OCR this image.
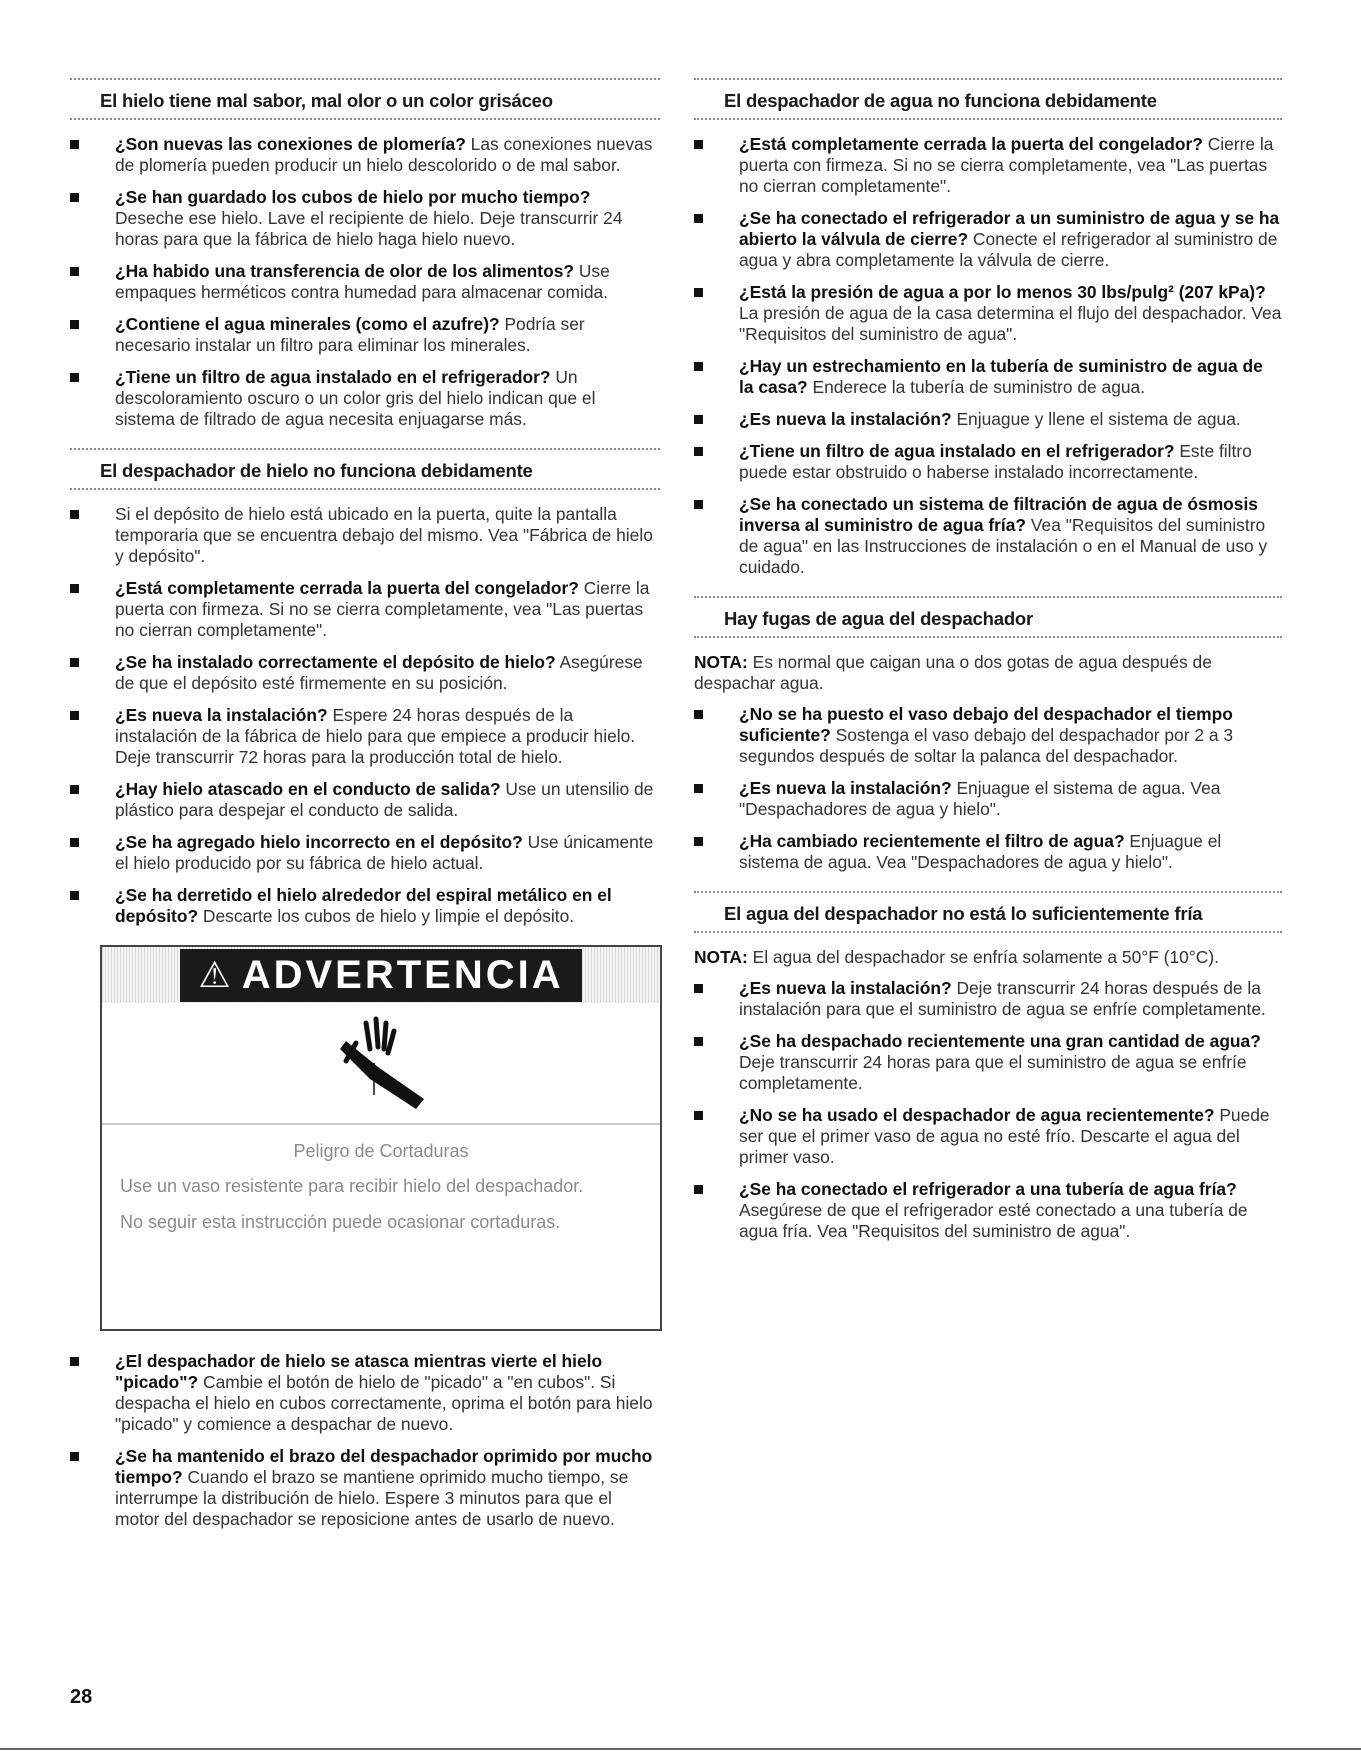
El hielo tiene mal sabor, mal olor o un color grisáceo
¿Son nuevas las conexiones de plomería? Las conexiones nuevas de plomería pueden producir un hielo descolorido o de mal sabor.
¿Se han guardado los cubos de hielo por mucho tiempo? Deseche ese hielo. Lave el recipiente de hielo. Deje transcurrir 24 horas para que la fábrica de hielo haga hielo nuevo.
¿Ha habido una transferencia de olor de los alimentos? Use empaques herméticos contra humedad para almacenar comida.
¿Contiene el agua minerales (como el azufre)? Podría ser necesario instalar un filtro para eliminar los minerales.
¿Tiene un filtro de agua instalado en el refrigerador? Un descoloramiento oscuro o un color gris del hielo indican que el sistema de filtrado de agua necesita enjuagarse más.
El despachador de hielo no funciona debidamente
Si el depósito de hielo está ubicado en la puerta, quite la pantalla temporaria que se encuentra debajo del mismo. Vea "Fábrica de hielo y depósito".
¿Está completamente cerrada la puerta del congelador? Cierre la puerta con firmeza. Si no se cierra completamente, vea "Las puertas no cierran completamente".
¿Se ha instalado correctamente el depósito de hielo? Asegúrese de que el depósito esté firmemente en su posición.
¿Es nueva la instalación? Espere 24 horas después de la instalación de la fábrica de hielo para que empiece a producir hielo. Deje transcurrir 72 horas para la producción total de hielo.
¿Hay hielo atascado en el conducto de salida? Use un utensilio de plástico para despejar el conducto de salida.
¿Se ha agregado hielo incorrecto en el depósito? Use únicamente el hielo producido por su fábrica de hielo actual.
¿Se ha derretido el hielo alrededor del espiral metálico en el depósito? Descarte los cubos de hielo y limpie el depósito.
⚠ ADVERTENCIA
Peligro de Cortaduras
Use un vaso resistente para recibir hielo del despachador.
No seguir esta instrucción puede ocasionar cortaduras.
¿El despachador de hielo se atasca mientras vierte el hielo "picado"? Cambie el botón de hielo de "picado" a "en cubos". Si despacha el hielo en cubos correctamente, oprima el botón para hielo "picado" y comience a despachar de nuevo.
¿Se ha mantenido el brazo del despachador oprimido por mucho tiempo? Cuando el brazo se mantiene oprimido mucho tiempo, se interrumpe la distribución de hielo. Espere 3 minutos para que el motor del despachador se reposicione antes de usarlo de nuevo.
El despachador de agua no funciona debidamente
¿Está completamente cerrada la puerta del congelador? Cierre la puerta con firmeza. Si no se cierra completamente, vea "Las puertas no cierran completamente".
¿Se ha conectado el refrigerador a un suministro de agua y se ha abierto la válvula de cierre? Conecte el refrigerador al suministro de agua y abra completamente la válvula de cierre.
¿Está la presión de agua a por lo menos 30 lbs/pulg² (207 kPa)? La presión de agua de la casa determina el flujo del despachador. Vea "Requisitos del suministro de agua".
¿Hay un estrechamiento en la tubería de suministro de agua de la casa? Enderece la tubería de suministro de agua.
¿Es nueva la instalación? Enjuague y llene el sistema de agua.
¿Tiene un filtro de agua instalado en el refrigerador? Este filtro puede estar obstruido o haberse instalado incorrectamente.
¿Se ha conectado un sistema de filtración de agua de ósmosis inversa al suministro de agua fría? Vea "Requisitos del suministro de agua" en las Instrucciones de instalación o en el Manual de uso y cuidado.
Hay fugas de agua del despachador
NOTA: Es normal que caigan una o dos gotas de agua después de despachar agua.
¿No se ha puesto el vaso debajo del despachador el tiempo suficiente? Sostenga el vaso debajo del despachador por 2 a 3 segundos después de soltar la palanca del despachador.
¿Es nueva la instalación? Enjuague el sistema de agua. Vea "Despachadores de agua y hielo".
¿Ha cambiado recientemente el filtro de agua? Enjuague el sistema de agua. Vea "Despachadores de agua y hielo".
El agua del despachador no está lo suficientemente fría
NOTA: El agua del despachador se enfría solamente a 50°F (10°C).
¿Es nueva la instalación? Deje transcurrir 24 horas después de la instalación para que el suministro de agua se enfríe completamente.
¿Se ha despachado recientemente una gran cantidad de agua? Deje transcurrir 24 horas para que el suministro de agua se enfríe completamente.
¿No se ha usado el despachador de agua recientemente? Puede ser que el primer vaso de agua no esté frío. Descarte el agua del primer vaso.
¿Se ha conectado el refrigerador a una tubería de agua fría? Asegúrese de que el refrigerador esté conectado a una tubería de agua fría. Vea "Requisitos del suministro de agua".
28
